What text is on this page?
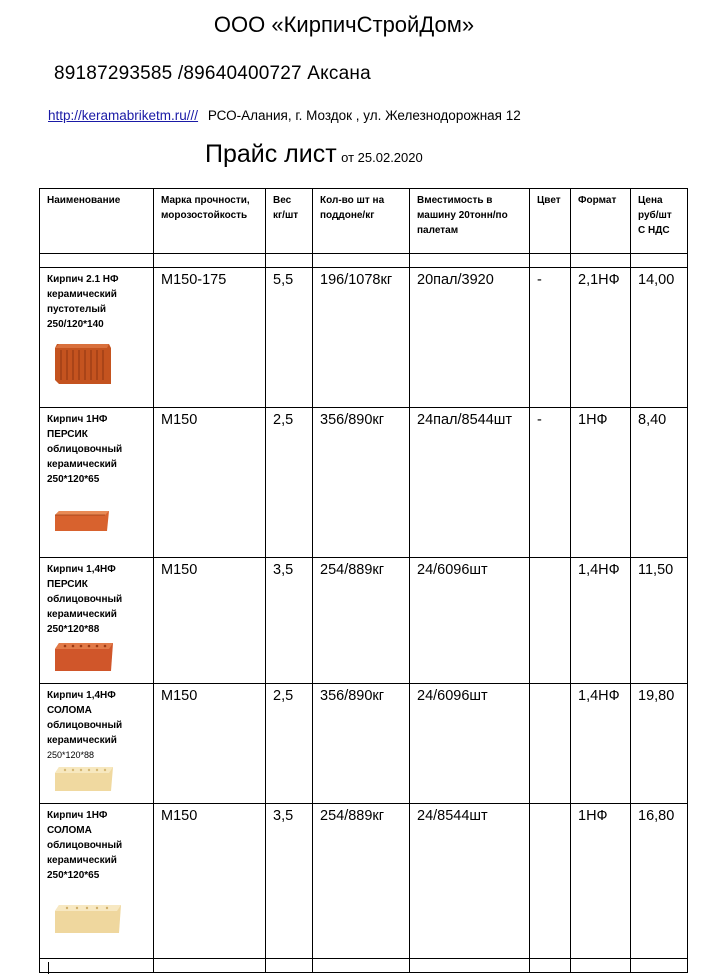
ООО «КирпичСтройДом»
89187293585 /89640400727 Аксана
http://keramabriketm.ru/// РСО-Алания, г. Моздок , ул. Железнодорожная 12
Прайс лист от 25.02.2020
Наименование	Марка прочности, морозостойкость	Вес кг/шт	Кол-во шт на поддоне/кг	Вместимость в машину 20тонн/по палетам	Цвет	Формат	Цена руб/шт С НДС

Кирпич 2.1 НФ керамический пустотелый 250/120*140	М150-175	5,5	196/1078кг	20пал/3920	-	2,1НФ	14,00

Кирпич 1НФ ПЕРСИК облицовочный керамический 250*120*65	М150	2,5	356/890кг	24пал/8544шт	-	1НФ	8,40

Кирпич 1,4НФ ПЕРСИК облицовочный керамический 250*120*88	М150	3,5	254/889кг	24/6096шт		1,4НФ	11,50

Кирпич 1,4НФ СОЛОМА облицовочный керамический
250*120*88	М150	2,5	356/890кг	24/6096шт		1,4НФ	19,80

Кирпич 1НФ СОЛОМА облицовочный керамический 250*120*65	М150	3,5	254/889кг	24/8544шт		1НФ	16,80
